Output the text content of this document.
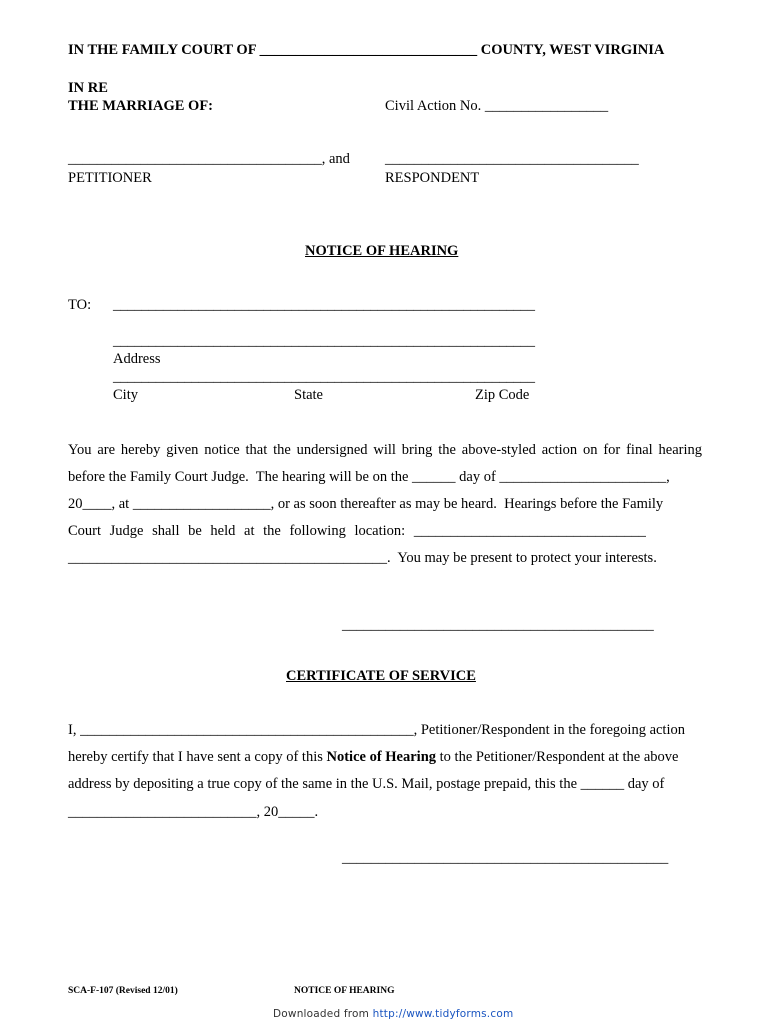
IN THE FAMILY COURT OF ______________________________ COUNTY, WEST VIRGINIA
IN RE
THE MARRIAGE OF:	Civil Action No. _________________
___________________________________, and
PETITIONER
___________________________________
RESPONDENT
NOTICE OF HEARING
TO: ___________________________________________________________
___________________________________________________________
Address
___________________________________________________________
City	State	Zip Code
You are hereby given notice that the undersigned will bring the above-styled action on for final hearing
before the Family Court Judge.  The hearing will be on the ______ day of _______________________,
20____, at ___________________, or as soon thereafter as may be heard.  Hearings before the Family
Court Judge shall be held at the following location: ________________________________
____________________________________________.  You may be present to protect your interests.
___________________________________________
CERTIFICATE OF SERVICE
I, ______________________________________________, Petitioner/Respondent in the foregoing action
hereby certify that I have sent a copy of this Notice of Hearing to the Petitioner/Respondent at the above
address by depositing a true copy of the same in the U.S. Mail, postage prepaid, this the ______ day of
__________________________, 20_____.
_____________________________________________
SCA-F-107 (Revised 12/01)	NOTICE OF HEARING
Downloaded from http://www.tidyforms.com
